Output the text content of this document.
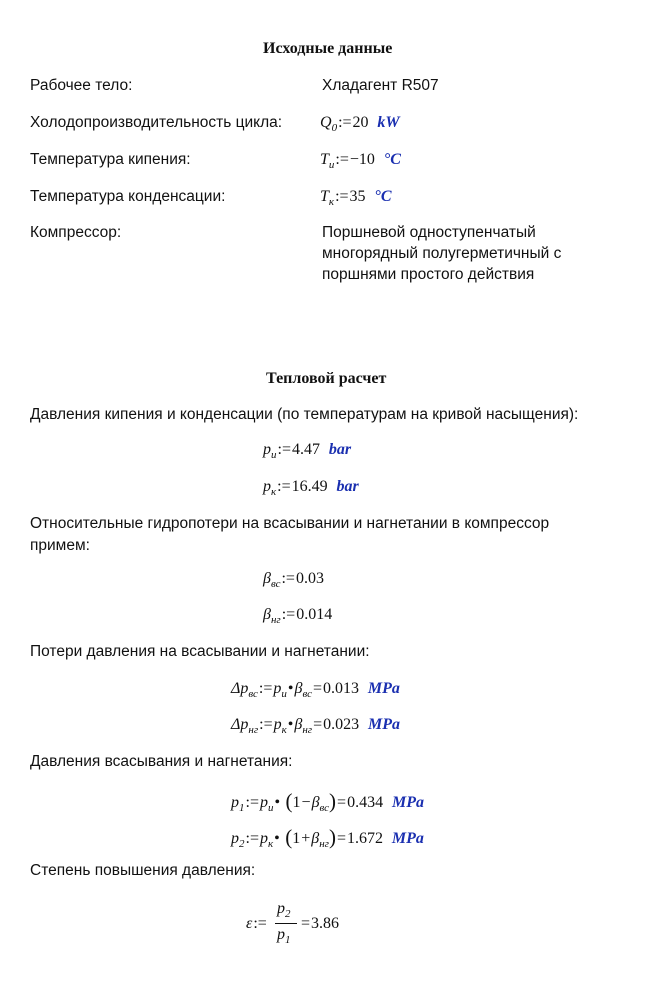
Исходные данные
Рабочее тело:	Хладагент R507
Холодопроизводительность цикла: $Q_0:=20$ kW
Температура кипения:	$T_и:=-10$ °C
Температура конденсации:	$T_к:=35$ °C
Компрессор:	Поршневой одноступенчатый
многорядный полугерметичный с
поршнями простого действия
Тепловой расчет
Давления кипения и конденсации (по температурам на кривой насыщения):
$p_и:=4.47$ bar
$p_к:=16.49$ bar
Относительные гидропотери на всасывании и нагнетании в компрессор
примем:
$\beta_{вс}:=0.03$
$\beta_{нг}:=0.014$
Потери давления на всасывании и нагнетании:
$\Delta p_{вс}:=p_и•\beta_{вс}=0.013$ MPa
$\Delta p_{нг}:=p_к•\beta_{нг}=0.023$ MPa
Давления всасывания и нагнетания:
$p_1:=p_и•$ $(1-\beta_{вс})=0.434$ MPa
$p_2:=p_к•$ $(1+\beta_{нг})=1.672$ MPa
Степень повышения давления:
ε:=
$p_2$
$p_1$
=3.86
